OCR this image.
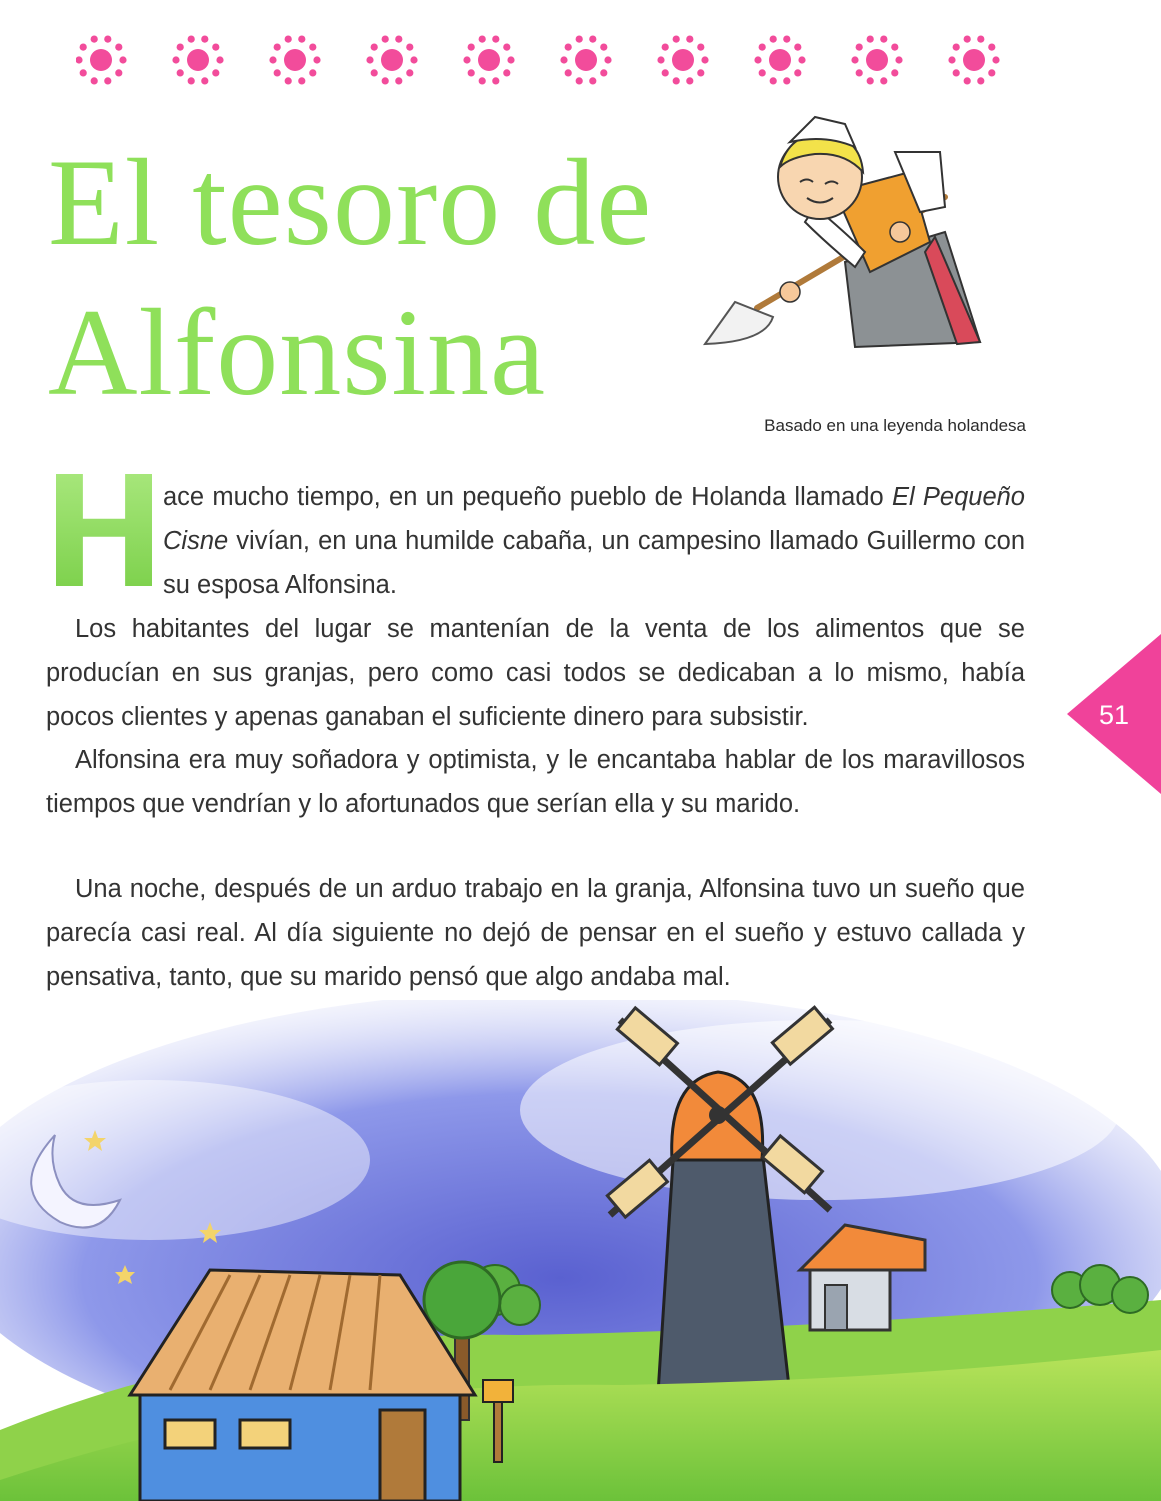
El tesoro de
Alfonsina
Basado en una leyenda holandesa

ace mucho tiempo, en un pequeño pueblo de Holanda llamado El Pequeño Cisne vivían, en una humilde cabaña, un campesino llamado Guillermo con su esposa Alfonsina.

Los habitantes del lugar se mantenían de la venta de los alimentos que se producían en sus granjas, pero como casi todos se dedicaban a lo mismo, había pocos clientes y apenas ganaban el suficiente dinero para subsistir.

Alfonsina era muy soñadora y optimista, y le encantaba hablar de los maravillosos tiempos que vendrían y lo afortunados que serían ella y su marido.

Una noche, después de un arduo trabajo en la granja, Alfonsina tuvo un sueño que parecía casi real. Al día siguiente no dejó de pensar en el sueño y estuvo callada y pensativa, tanto, que su marido pensó que algo andaba mal.

51
